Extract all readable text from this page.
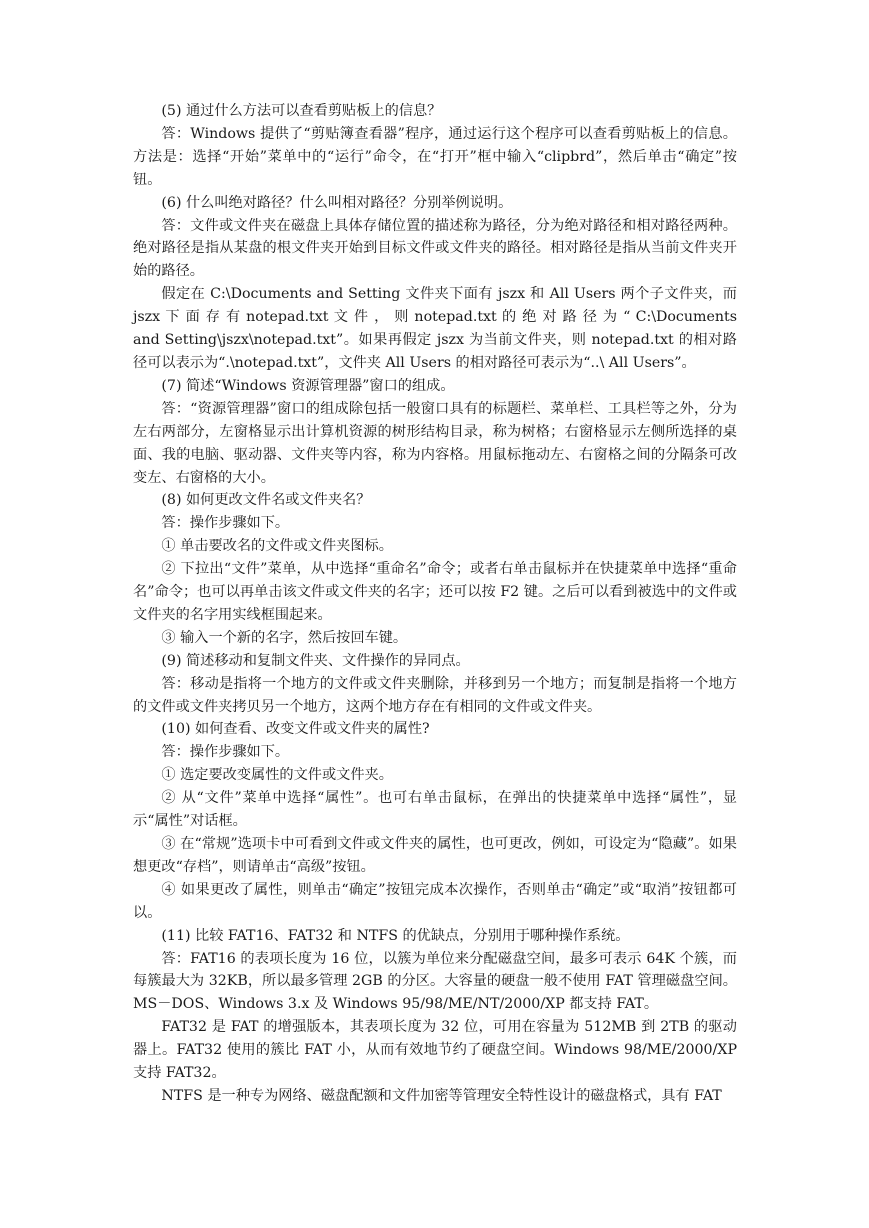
(5) 通过什么方法可以查看剪贴板上的信息？

答：Windows 提供了“剪贴簿查看器”程序，通过运行这个程序可以查看剪贴板上的信息。方法是：选择“开始”菜单中的“运行”命令，在“打开”框中输入“clipbrd”，然后单击“确定”按钮。

(6) 什么叫绝对路径？什么叫相对路径？分别举例说明。

答：文件或文件夹在磁盘上具体存储位置的描述称为路径，分为绝对路径和相对路径两种。绝对路径是指从某盘的根文件夹开始到目标文件或文件夹的路径。相对路径是指从当前文件夹开始的路径。

假定在 C:\Documents and Setting 文件夹下面有 jszx 和 All Users 两个子文件夹，而 jszx 下 面 存 有 notepad.txt 文 件 ， 则 notepad.txt 的 绝 对 路 径 为 “ C:\Documents and Setting\jszx\notepad.txt”。如果再假定 jszx 为当前文件夹，则 notepad.txt 的相对路径可以表示为“.\notepad.txt”，文件夹 All Users 的相对路径可表示为“..\ All Users”。

(7) 简述“Windows 资源管理器”窗口的组成。

答：“资源管理器”窗口的组成除包括一般窗口具有的标题栏、菜单栏、工具栏等之外，分为左右两部分，左窗格显示出计算机资源的树形结构目录，称为树格；右窗格显示左侧所选择的桌面、我的电脑、驱动器、文件夹等内容，称为内容格。用鼠标拖动左、右窗格之间的分隔条可改变左、右窗格的大小。

(8) 如何更改文件名或文件夹名？

答：操作步骤如下。

① 单击要改名的文件或文件夹图标。

② 下拉出“文件”菜单，从中选择“重命名”命令；或者右单击鼠标并在快捷菜单中选择“重命名”命令；也可以再单击该文件或文件夹的名字；还可以按 F2 键。之后可以看到被选中的文件或文件夹的名字用实线框围起来。

③ 输入一个新的名字，然后按回车键。

(9) 简述移动和复制文件夹、文件操作的异同点。

答：移动是指将一个地方的文件或文件夹删除，并移到另一个地方；而复制是指将一个地方的文件或文件夹拷贝另一个地方，这两个地方存在有相同的文件或文件夹。

(10) 如何查看、改变文件或文件夹的属性?

答：操作步骤如下。

① 选定要改变属性的文件或文件夹。

② 从“文件”菜单中选择“属性”。也可右单击鼠标，在弹出的快捷菜单中选择“属性”，显示“属性”对话框。

③ 在“常规”选项卡中可看到文件或文件夹的属性，也可更改，例如，可设定为“隐藏”。如果想更改“存档”，则请单击“高级”按钮。

④ 如果更改了属性，则单击“确定”按钮完成本次操作，否则单击“确定”或“取消”按钮都可以。

(11) 比较 FAT16、FAT32 和 NTFS 的优缺点，分别用于哪种操作系统。

答：FAT16 的表项长度为 16 位，以簇为单位来分配磁盘空间，最多可表示 64K 个簇，而每簇最大为 32KB，所以最多管理 2GB 的分区。大容量的硬盘一般不使用 FAT 管理磁盘空间。MS－DOS、Windows 3.x 及 Windows 95/98/ME/NT/2000/XP 都支持 FAT。

FAT32 是 FAT 的增强版本，其表项长度为 32 位，可用在容量为 512MB 到 2TB 的驱动器上。FAT32 使用的簇比 FAT 小，从而有效地节约了硬盘空间。Windows 98/ME/2000/XP 支持 FAT32。

NTFS 是一种专为网络、磁盘配额和文件加密等管理安全特性设计的磁盘格式，具有 FAT
